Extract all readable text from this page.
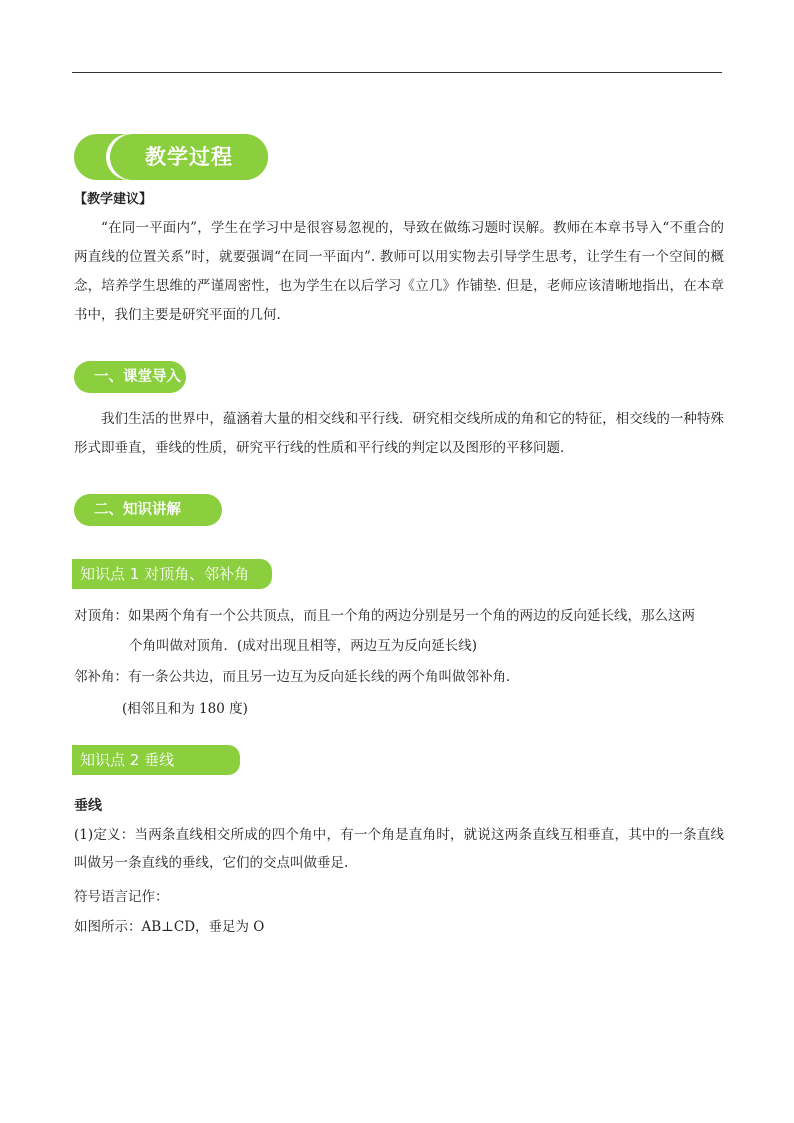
教学过程
【教学建议】
“在同一平面内”，学生在学习中是很容易忽视的，导致在做练习题时误解。教师在本章书导入“不重合的两直线的位置关系”时，就要强调“在同一平面内”. 教师可以用实物去引导学生思考，让学生有一个空间的概念，培养学生思维的严谨周密性，也为学生在以后学习《立几》作铺垫. 但是，老师应该清晰地指出，在本章书中，我们主要是研究平面的几何.
一、课堂导入
我们生活的世界中，蕴涵着大量的相交线和平行线．研究相交线所成的角和它的特征，相交线的一种特殊形式即垂直，垂线的性质，研究平行线的性质和平行线的判定以及图形的平移问题．
二、知识讲解
知识点 1 对顶角、邻补角
对顶角：如果两个角有一个公共顶点，而且一个角的两边分别是另一个角的两边的反向延长线，那么这两
个角叫做对顶角．(成对出现且相等，两边互为反向延长线)
邻补角：有一条公共边，而且另一边互为反向延长线的两个角叫做邻补角．
(相邻且和为 180 度)
知识点 2 垂线
垂线
(1)定义：当两条直线相交所成的四个角中，有一个角是直角时，就说这两条直线互相垂直，其中的一条直线叫做另一条直线的垂线，它们的交点叫做垂足.
符号语言记作：
如图所示：AB⊥CD，垂足为 O
